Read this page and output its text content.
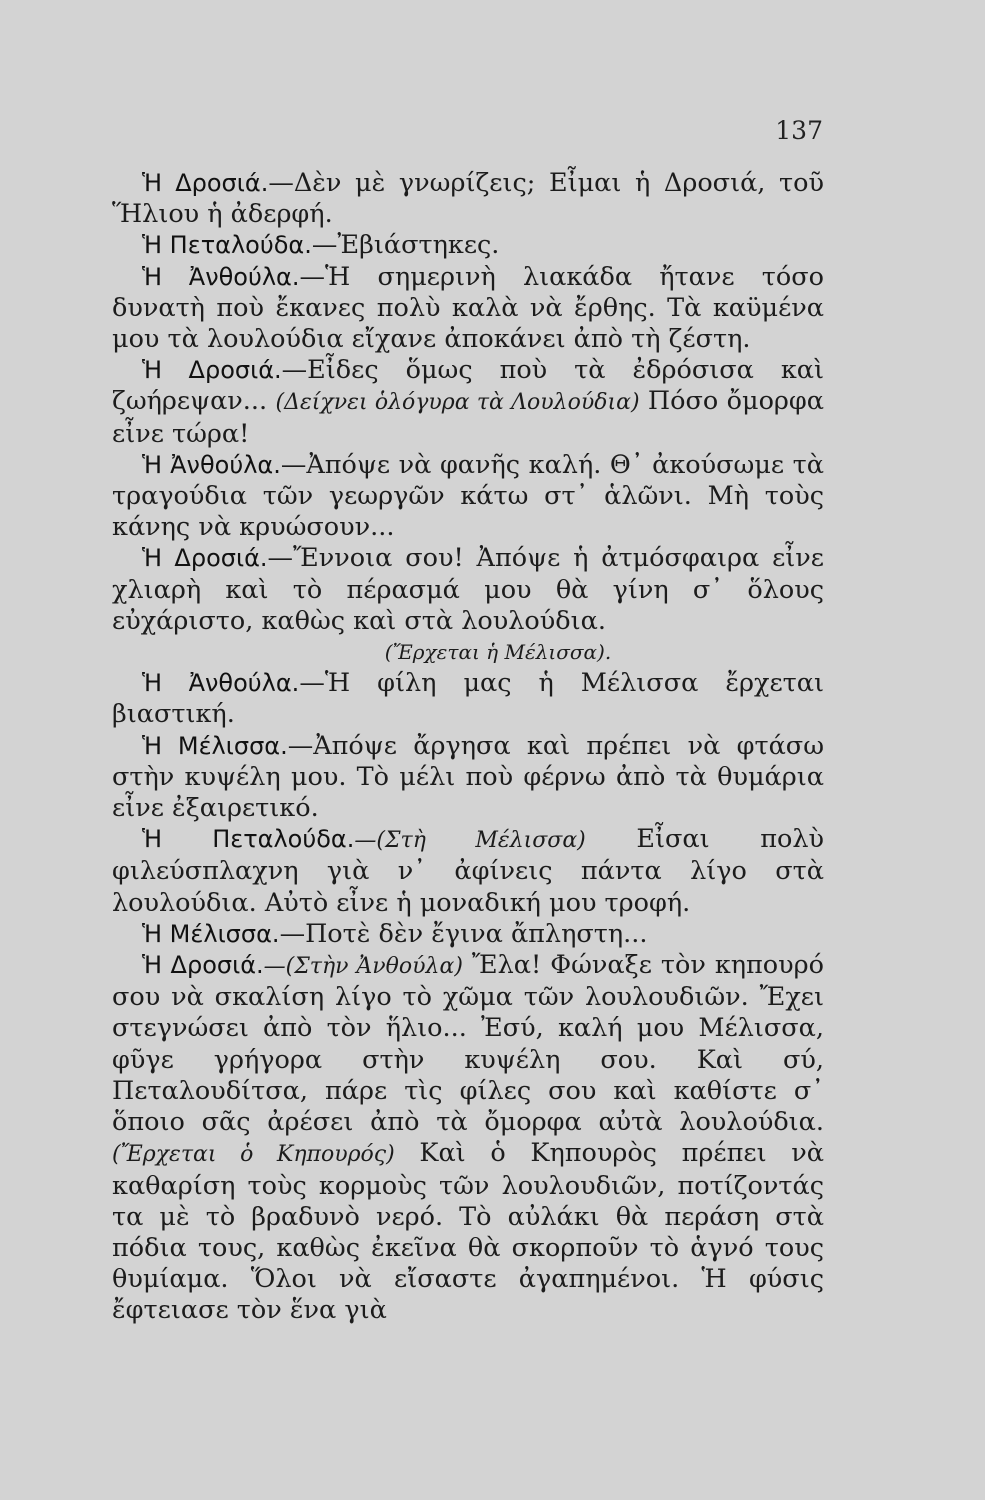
137

Ἡ Δροσιά.—Δὲν μὲ γνωρίζεις; Εἶμαι ἡ Δροσιά, τοῦ Ἥλιου ἡ ἀδερφή.

Ἡ Πεταλούδα.—Ἐβιάστηκες.

Ἡ Ἀνθούλα.—Ἡ σημερινὴ λιακάδα ἤτανε τόσο δυνατὴ ποὺ ἔκανες πολὺ καλὰ νὰ ἔρθης. Τὰ καϋμένα μου τὰ λουλούδια εἴχανε ἀποκάνει ἀπὸ τὴ ζέστη.

Ἡ Δροσιά.—Εἶδες ὅμως ποὺ τὰ ἐδρόσισα καὶ ζωήρεψαν... (Δείχνει ὁλόγυρα τὰ Λουλούδια) Πόσο ὄμορφα εἶνε τώρα!

Ἡ Ἀνθούλα.—Ἀπόψε νὰ φανῆς καλή. Θ᾽ ἀκούσωμε τὰ τραγούδια τῶν γεωργῶν κάτω στ᾽ ἁλῶνι. Μὴ τοὺς κάνης νὰ κρυώσουν...

Ἡ Δροσιά.—Ἔννοια σου! Ἀπόψε ἡ ἀτμόσφαιρα εἶνε χλιαρὴ καὶ τὸ πέρασμά μου θὰ γίνη σ᾽ ὅλους εὐχάριστο, καθὼς καὶ στὰ λουλούδια.

(Ἔρχεται ἡ Μέλισσα).

Ἡ Ἀνθούλα.—Ἡ φίλη μας ἡ Μέλισσα ἔρχεται βιαστική.

Ἡ Μέλισσα.—Ἀπόψε ἄργησα καὶ πρέπει νὰ φτάσω στὴν κυψέλη μου. Τὸ μέλι ποὺ φέρνω ἀπὸ τὰ θυμάρια εἶνε ἐξαιρετικό.

Ἡ Πεταλούδα.—(Στὴ Μέλισσα) Εἶσαι πολὺ φιλεύσπλαχνη γιὰ ν᾽ ἀφίνεις πάντα λίγο στὰ λουλούδια. Αὐτὸ εἶνε ἡ μοναδική μου τροφή.

Ἡ Μέλισσα.—Ποτὲ δὲν ἔγινα ἄπληστη...

Ἡ Δροσιά.—(Στὴν Ἀνθούλα) Ἔλα! Φώναξε τὸν κηπουρό σου νὰ σκαλίση λίγο τὸ χῶμα τῶν λουλουδιῶν. Ἔχει στεγνώσει ἀπὸ τὸν ἥλιο... Ἐσύ, καλή μου Μέλισσα, φῦγε γρήγορα στὴν κυψέλη σου. Καὶ σύ, Πεταλουδίτσα, πάρε τὶς φίλες σου καὶ καθίστε σ᾽ ὅποιο σᾶς ἀρέσει ἀπὸ τὰ ὄμορφα αὐτὰ λουλούδια. (Ἔρχεται ὁ Κηπουρός) Καὶ ὁ Κηπουρὸς πρέπει νὰ καθαρίση τοὺς κορμοὺς τῶν λουλουδιῶν, ποτίζοντάς τα μὲ τὸ βραδυνὸ νερό. Τὸ αὐλάκι θὰ περάση στὰ πόδια τους, καθὼς ἐκεῖνα θὰ σκορποῦν τὸ ἁγνό τους θυμίαμα. Ὅλοι νὰ εἴσαστε ἀγαπημένοι. Ἡ φύσις ἔφτειασε τὸν ἕνα γιὰ
